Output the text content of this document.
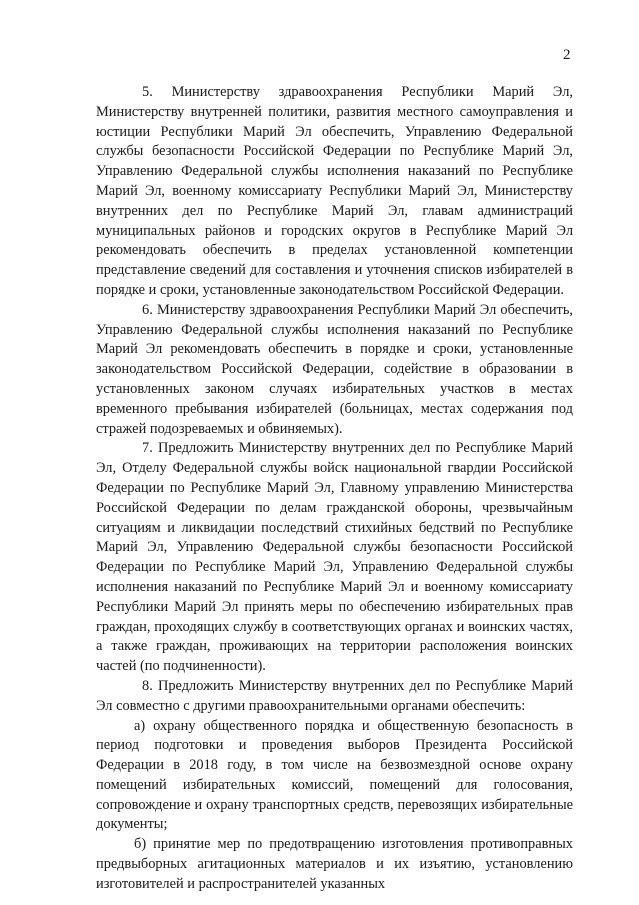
2

5. Министерству здравоохранения Республики Марий Эл, Министерству внутренней политики, развития местного самоуправления и юстиции Республики Марий Эл обеспечить, Управлению Федеральной службы безопасности Российской Федерации по Республике Марий Эл, Управлению Федеральной службы исполнения наказаний по Республике Марий Эл, военному комиссариату Республики Марий Эл, Министерству внутренних дел по Республике Марий Эл, главам администраций муниципальных районов и городских округов в Республике Марий Эл рекомендовать обеспечить в пределах установленной компетенции представление сведений для составления и уточнения списков избирателей в порядке и сроки, установленные законодательством Российской Федерации.

6. Министерству здравоохранения Республики Марий Эл обеспечить, Управлению Федеральной службы исполнения наказаний по Республике Марий Эл рекомендовать обеспечить в порядке и сроки, установленные законодательством Российской Федерации, содействие в образовании в установленных законом случаях избирательных участков в местах временного пребывания избирателей (больницах, местах содержания под стражей подозреваемых и обвиняемых).

7. Предложить Министерству внутренних дел по Республике Марий Эл, Отделу Федеральной службы войск национальной гвардии Российской Федерации по Республике Марий Эл, Главному управлению Министерства Российской Федерации по делам гражданской обороны, чрезвычайным ситуациям и ликвидации последствий стихийных бедствий по Республике Марий Эл, Управлению Федеральной службы безопасности Российской Федерации по Республике Марий Эл, Управлению Федеральной службы исполнения наказаний по Республике Марий Эл и военному комиссариату Республики Марий Эл принять меры по обеспечению избирательных прав граждан, проходящих службу в соответствующих органах и воинских частях, а также граждан, проживающих на территории расположения воинских частей (по подчиненности).

8. Предложить Министерству внутренних дел по Республике Марий Эл совместно с другими правоохранительными органами обеспечить:

а) охрану общественного порядка и общественную безопасность в период подготовки и проведения выборов Президента Российской Федерации в 2018 году, в том числе на безвозмездной основе охрану помещений избирательных комиссий, помещений для голосования, сопровождение и охрану транспортных средств, перевозящих избирательные документы;

б) принятие мер по предотвращению изготовления противоправных предвыборных агитационных материалов и их изъятию, установлению изготовителей и распространителей указанных
